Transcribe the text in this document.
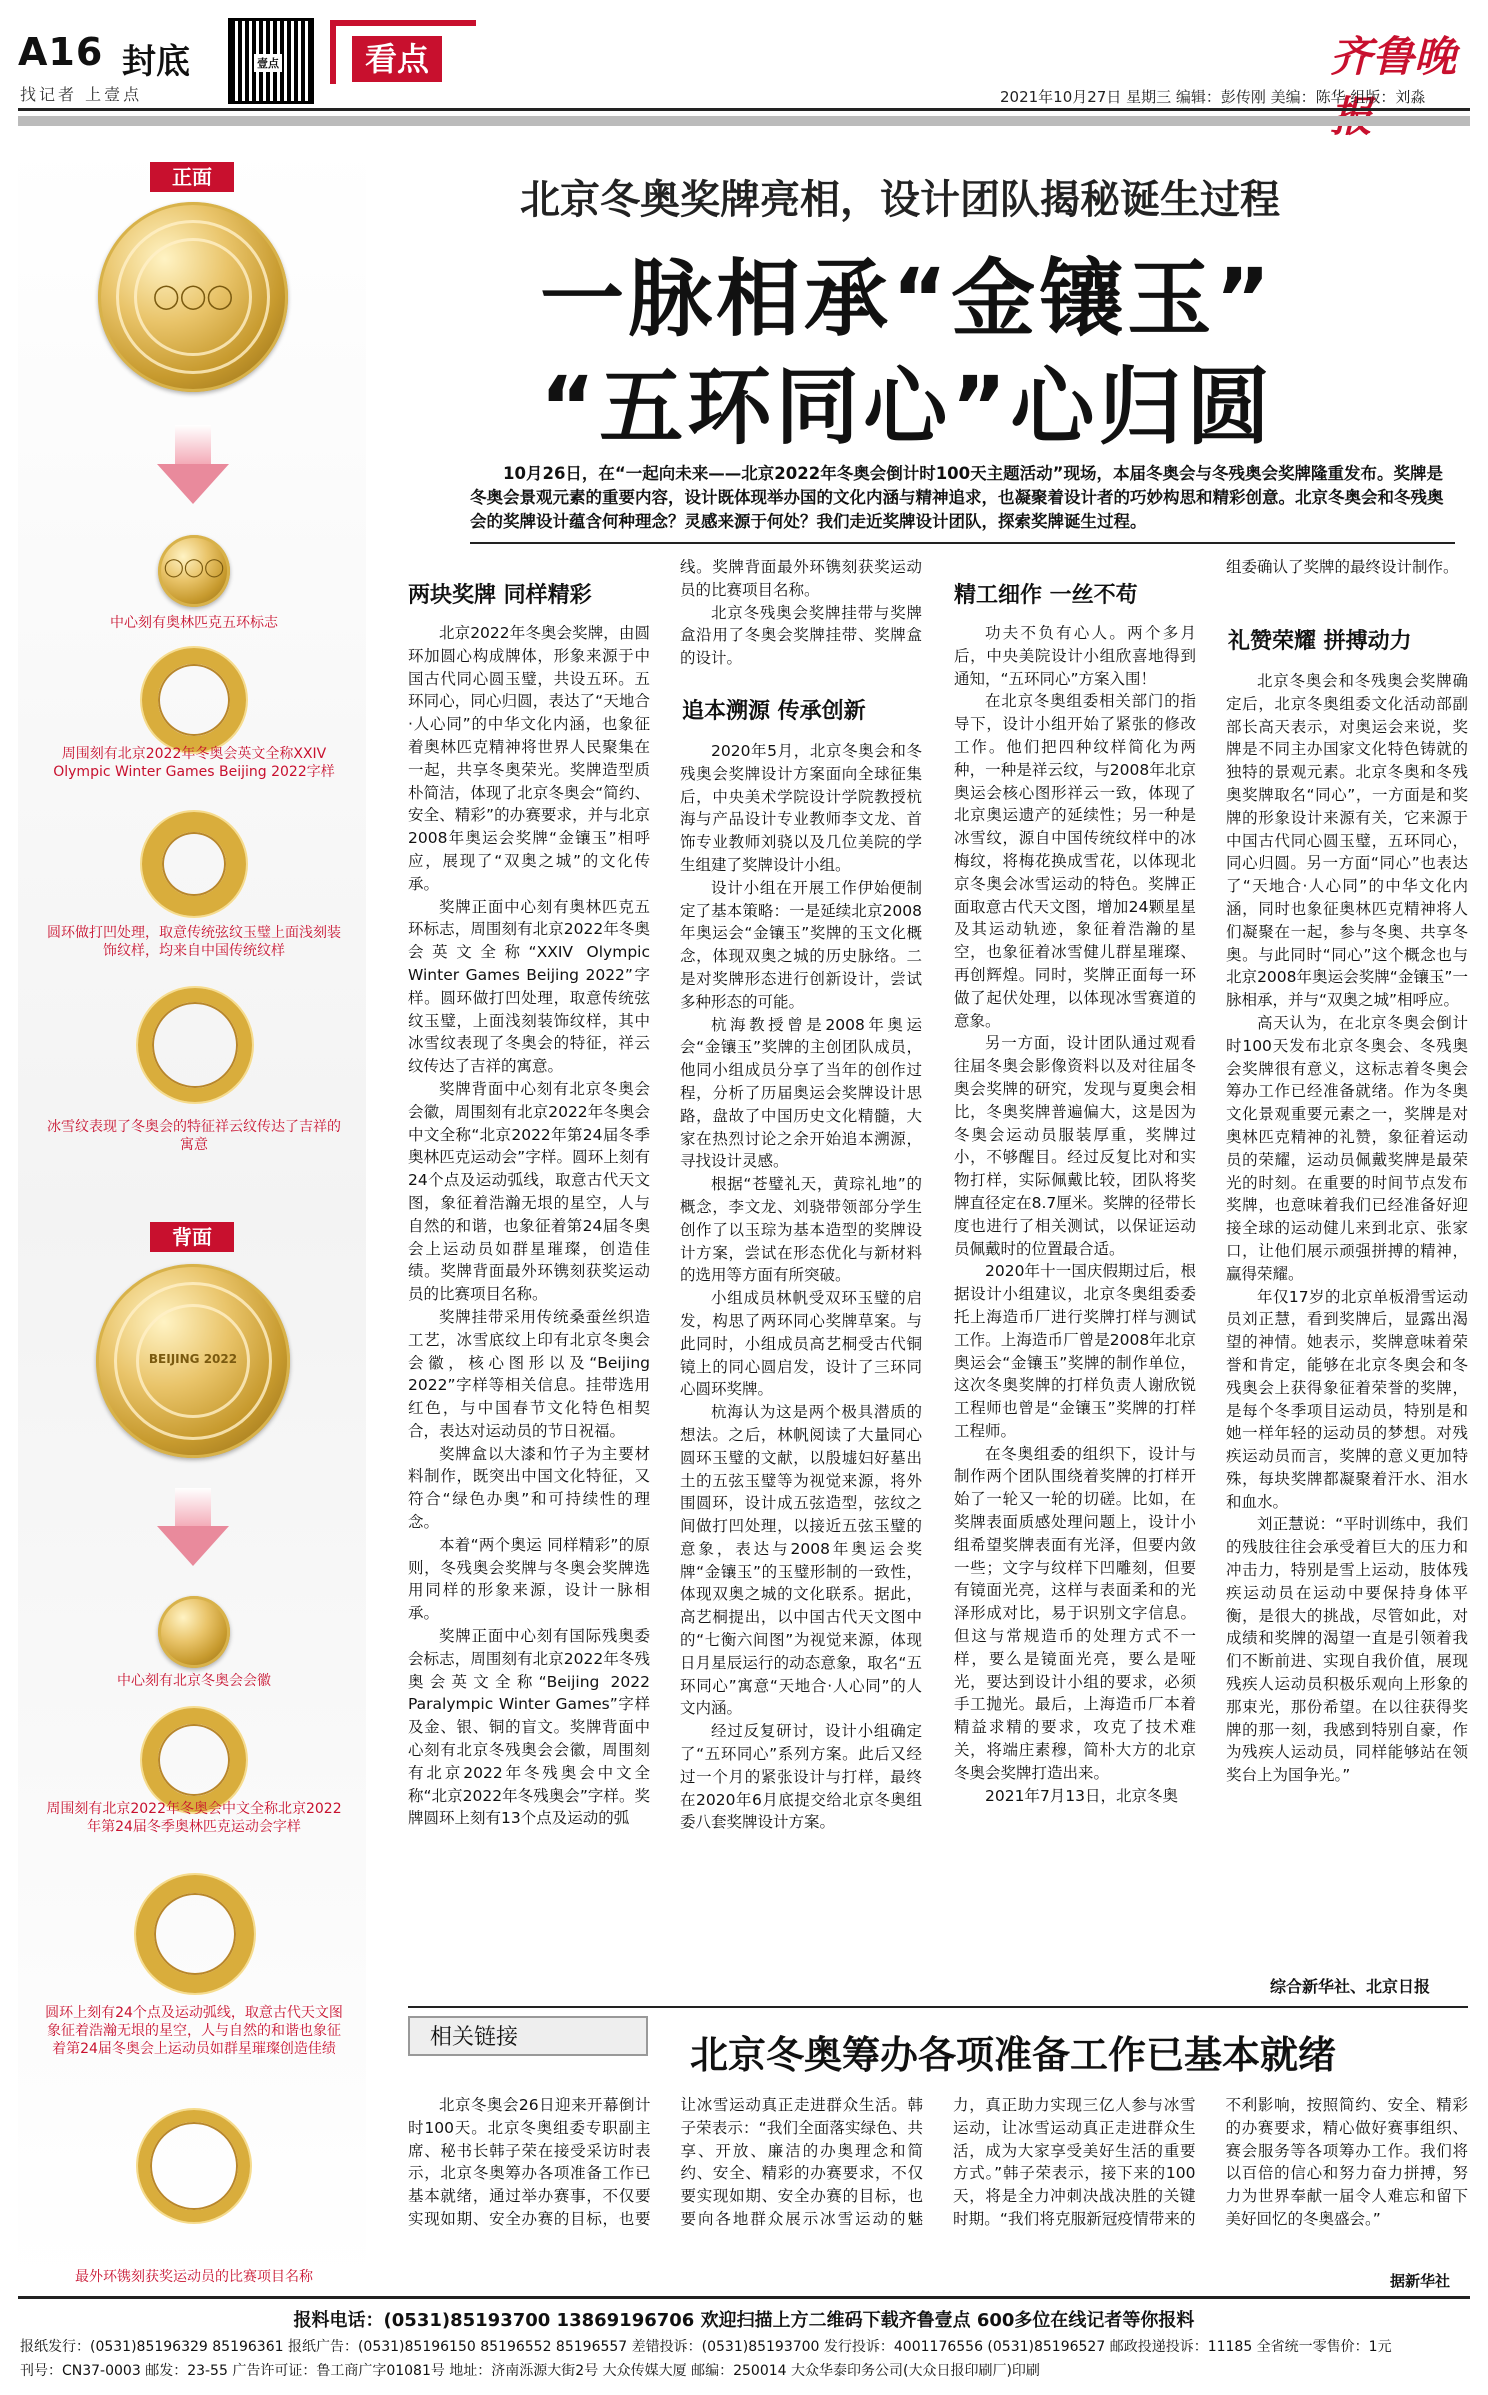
A16 封底
找记者 上壹点
壹点	看点	齐鲁晚
2021年10月27日 星期三 编辑：彭传刚 美编：陈华 组版：刘淼
正面
◯◯◯
◯◯◯
中心刻有奥林匹克五环标志
周围刻有北京2022年冬奥会英文全称XXIV Olympic Winter Games Beijing 2022字样
圆环做打凹处理，取意传统弦纹玉璧上面浅刻装饰纹样，均来自中国传统纹样
冰雪纹表现了冬奥会的特征祥云纹传达了吉祥的寓意
背面
BEIJING 2022
中心刻有北京冬奥会会徽
周围刻有北京2022年冬奥会中文全称北京2022年第24届冬季奥林匹克运动会字样
圆环上刻有24个点及运动弧线，取意古代天文图象征着浩瀚无垠的星空，人与自然的和谐也象征着第24届冬奥会上运动员如群星璀璨创造佳绩
最外环镌刻获奖运动员的比赛项目名称
北京冬奥奖牌亮相，设计团队揭秘诞生过程
一脉相承“金镶玉”
“五环同心”心归圆
10月26日，在“一起向未来——北京2022年冬奥会倒计时100天主题活动”现场，本届冬奥会与冬残奥会奖牌隆重发布。奖牌是冬奥会景观元素的重要内容，设计既体现举办国的文化内涵与精神追求，也凝聚着设计者的巧妙构思和精彩创意。北京冬奥会和冬残奥会的奖牌设计蕴含何种理念？灵感来源于何处？我们走近奖牌设计团队，探索奖牌诞生过程。
两块奖牌 同样精彩

北京2022年冬奥会奖牌，由圆环加圆心构成牌体，形象来源于中国古代同心圆玉璧，共设五环。五环同心，同心归圆，表达了“天地合·人心同”的中华文化内涵，也象征着奥林匹克精神将世界人民聚集在一起，共享冬奥荣光。奖牌造型质朴简洁，体现了北京冬奥会“简约、安全、精彩”的办赛要求，并与北京2008年奥运会奖牌“金镶玉”相呼应，展现了“双奥之城”的文化传承。

奖牌正面中心刻有奥林匹克五环标志，周围刻有北京2022年冬奥会英文全称“XXIV Olympic Winter Games Beijing 2022”字样。圆环做打凹处理，取意传统弦纹玉璧，上面浅刻装饰纹样，其中冰雪纹表现了冬奥会的特征，祥云纹传达了吉祥的寓意。

奖牌背面中心刻有北京冬奥会会徽，周围刻有北京2022年冬奥会中文全称“北京2022年第24届冬季奥林匹克运动会”字样。圆环上刻有24个点及运动弧线，取意古代天文图，象征着浩瀚无垠的星空，人与自然的和谐，也象征着第24届冬奥会上运动员如群星璀璨，创造佳绩。奖牌背面最外环镌刻获奖运动员的比赛项目名称。

奖牌挂带采用传统桑蚕丝织造工艺，冰雪底纹上印有北京冬奥会会徽，核心图形以及“Beijing 2022”字样等相关信息。挂带选用红色，与中国春节文化特色相契合，表达对运动员的节日祝福。

奖牌盒以大漆和竹子为主要材料制作，既突出中国文化特征，又符合“绿色办奥”和可持续性的理念。

本着“两个奥运 同样精彩”的原则，冬残奥会奖牌与冬奥会奖牌选用同样的形象来源，设计一脉相承。

奖牌正面中心刻有国际残奥委会标志，周围刻有北京2022年冬残奥会英文全称“Beijing 2022 Paralympic Winter Games”字样及金、银、铜的盲文。奖牌背面中心刻有北京冬残奥会会徽，周围刻有北京2022年冬残奥会中文全称“北京2022年冬残奥会”字样。奖牌圆环上刻有13个点及运动的弧

线。奖牌背面最外环镌刻获奖运动员的比赛项目名称。

北京冬残奥会奖牌挂带与奖牌盒沿用了冬奥会奖牌挂带、奖牌盒的设计。

追本溯源 传承创新

2020年5月，北京冬奥会和冬残奥会奖牌设计方案面向全球征集后，中央美术学院设计学院教授杭海与产品设计专业教师李文龙、首饰专业教师刘骁以及几位美院的学生组建了奖牌设计小组。

设计小组在开展工作伊始便制定了基本策略：一是延续北京2008年奥运会“金镶玉”奖牌的玉文化概念，体现双奥之城的历史脉络。二是对奖牌形态进行创新设计，尝试多种形态的可能。

杭海教授曾是2008年奥运会“金镶玉”奖牌的主创团队成员，他同小组成员分享了当年的创作过程，分析了历届奥运会奖牌设计思路，盘故了中国历史文化精髓，大家在热烈讨论之余开始追本溯源，寻找设计灵感。

根据“苍璧礼天，黄琮礼地”的概念，李文龙、刘骁带领部分学生创作了以玉琮为基本造型的奖牌设计方案，尝试在形态优化与新材料的选用等方面有所突破。

小组成员林帆受双环玉璧的启发，构思了两环同心奖牌草案。与此同时，小组成员高艺桐受古代铜镜上的同心圆启发，设计了三环同心圆环奖牌。

杭海认为这是两个极具潜质的想法。之后，林帆阅读了大量同心圆环玉璧的文献，以殷墟妇好墓出土的五弦玉璧等为视觉来源，将外围圆环，设计成五弦造型，弦纹之间做打凹处理，以接近五弦玉璧的意象，表达与2008年奥运会奖牌“金镶玉”的玉璧形制的一致性，体现双奥之城的文化联系。据此，高艺桐提出，以中国古代天文图中的“七衡六间图”为视觉来源，体现日月星辰运行的动态意象，取名“五环同心”寓意“天地合·人心同”的人文内涵。

经过反复研讨，设计小组确定了“五环同心”系列方案。此后又经过一个月的紧张设计与打样，最终在2020年6月底提交给北京冬奥组委八套奖牌设计方案。

精工细作 一丝不苟

功夫不负有心人。两个多月后，中央美院设计小组欣喜地得到通知，“五环同心”方案入围！

在北京冬奥组委相关部门的指导下，设计小组开始了紧张的修改工作。他们把四种纹样简化为两种，一种是祥云纹，与2008年北京奥运会核心图形祥云一致，体现了北京奥运遗产的延续性；另一种是冰雪纹，源自中国传统纹样中的冰梅纹，将梅花换成雪花，以体现北京冬奥会冰雪运动的特色。奖牌正面取意古代天文图，增加24颗星星及其运动轨迹，象征着浩瀚的星空，也象征着冰雪健儿群星璀璨、再创辉煌。同时，奖牌正面每一环做了起伏处理，以体现冰雪赛道的意象。

另一方面，设计团队通过观看往届冬奥会影像资料以及对往届冬奥会奖牌的研究，发现与夏奥会相比，冬奥奖牌普遍偏大，这是因为冬奥会运动员服装厚重，奖牌过小，不够醒目。经过反复比对和实物打样，实际佩戴比较，团队将奖牌直径定在8.7厘米。奖牌的径带长度也进行了相关测试，以保证运动员佩戴时的位置最合适。

2020年十一国庆假期过后，根据设计小组建议，北京冬奥组委委托上海造币厂进行奖牌打样与测试工作。上海造币厂曾是2008年北京奥运会“金镶玉”奖牌的制作单位，这次冬奥奖牌的打样负责人谢欣锐工程师也曾是“金镶玉”奖牌的打样工程师。

在冬奥组委的组织下，设计与制作两个团队围绕着奖牌的打样开始了一轮又一轮的切磋。比如，在奖牌表面质感处理问题上，设计小组希望奖牌表面有光泽，但要内敛一些；文字与纹样下凹雕刻，但要有镜面光亮，这样与表面柔和的光泽形成对比，易于识别文字信息。但这与常规造币的处理方式不一样，要么是镜面光亮，要么是哑光，要达到设计小组的要求，必须手工抛光。最后，上海造币厂本着精益求精的要求，攻克了技术难关，将端庄素穆，简朴大方的北京冬奥会奖牌打造出来。

2021年7月13日，北京冬奥

组委确认了奖牌的最终设计制作。

礼赞荣耀 拼搏动力

北京冬奥会和冬残奥会奖牌确定后，北京冬奥组委文化活动部副部长高天表示，对奥运会来说，奖牌是不同主办国家文化特色铸就的独特的景观元素。北京冬奥和冬残奥奖牌取名“同心”，一方面是和奖牌的形象设计来源有关，它来源于中国古代同心圆玉璧，五环同心，同心归圆。另一方面“同心”也表达了“天地合·人心同”的中华文化内涵，同时也象征奥林匹克精神将人们凝聚在一起，参与冬奥、共享冬奥。与此同时“同心”这个概念也与北京2008年奥运会奖牌“金镶玉”一脉相承，并与“双奥之城”相呼应。

高天认为，在北京冬奥会倒计时100天发布北京冬奥会、冬残奥会奖牌很有意义，这标志着冬奥会筹办工作已经准备就绪。作为冬奥文化景观重要元素之一，奖牌是对奥林匹克精神的礼赞，象征着运动员的荣耀，运动员佩戴奖牌是最荣光的时刻。在重要的时间节点发布奖牌，也意味着我们已经准备好迎接全球的运动健儿来到北京、张家口，让他们展示顽强拼搏的精神，赢得荣耀。

年仅17岁的北京单板滑雪运动员刘正慧，看到奖牌后，显露出渴望的神情。她表示，奖牌意味着荣誉和肯定，能够在北京冬奥会和冬残奥会上获得象征着荣誉的奖牌，是每个冬季项目运动员，特别是和她一样年轻的运动员的梦想。对残疾运动员而言，奖牌的意义更加特殊，每块奖牌都凝聚着汗水、泪水和血水。

刘正慧说：“平时训练中，我们的残肢往往会承受着巨大的压力和冲击力，特别是雪上运动，肢体残疾运动员在运动中要保持身体平衡，是很大的挑战，尽管如此，对成绩和奖牌的渴望一直是引领着我们不断前进、实现自我价值，展现残疾人运动员积极乐观向上形象的那束光，那份希望。在以往获得奖牌的那一刻，我感到特别自豪，作为残疾人运动员，同样能够站在领奖台上为国争光。”

综合新华社、北京日报
相关链接	北京冬奥筹办各项准备工作已基本就绪

北京冬奥会26日迎来开幕倒计时100天。北京冬奥组委专职副主席、秘书长韩子荣在接受采访时表示，北京冬奥筹办各项准备工作已基本就绪，通过举办赛事，不仅要实现如期、安全办赛的目标，也要让冰雪运动真正走进群众生活。韩子荣表示：“我们全面落实绿色、共享、开放、廉洁的办奥理念和简约、安全、精彩的办赛要求，不仅要实现如期、安全办赛的目标，也要向各地群众展示冰雪运动的魅力，真正助力实现三亿人参与冰雪运动，让冰雪运动真正走进群众生活，成为大家享受美好生活的重要方式。”韩子荣表示，接下来的100天，将是全力冲刺决战决胜的关键时期。“我们将克服新冠疫情带来的不利影响，按照简约、安全、精彩的办赛要求，精心做好赛事组织、赛会服务等各项筹办工作。我们将以百倍的信心和努力奋力拼搏，努力为世界奉献一届令人难忘和留下美好回忆的冬奥盛会。”

据新华社
报料电话：(0531)85193700 13869196706 欢迎扫描上方二维码下载齐鲁壹点 600多位在线记者等你报料
报纸发行：(0531)85196329 85196361 报纸广告：(0531)85196150 85196552 85196557 差错投诉：(0531)85193700 发行投诉：4001176556 (0531)85196527 邮政投递投诉：11185 全省统一零售价：1元
刊号：CN37-0003 邮发：23-55 广告许可证：鲁工商广字01081号 地址：济南泺源大街2号 大众传媒大厦 邮编：250014 大众华泰印务公司(大众日报印刷厂)印刷
